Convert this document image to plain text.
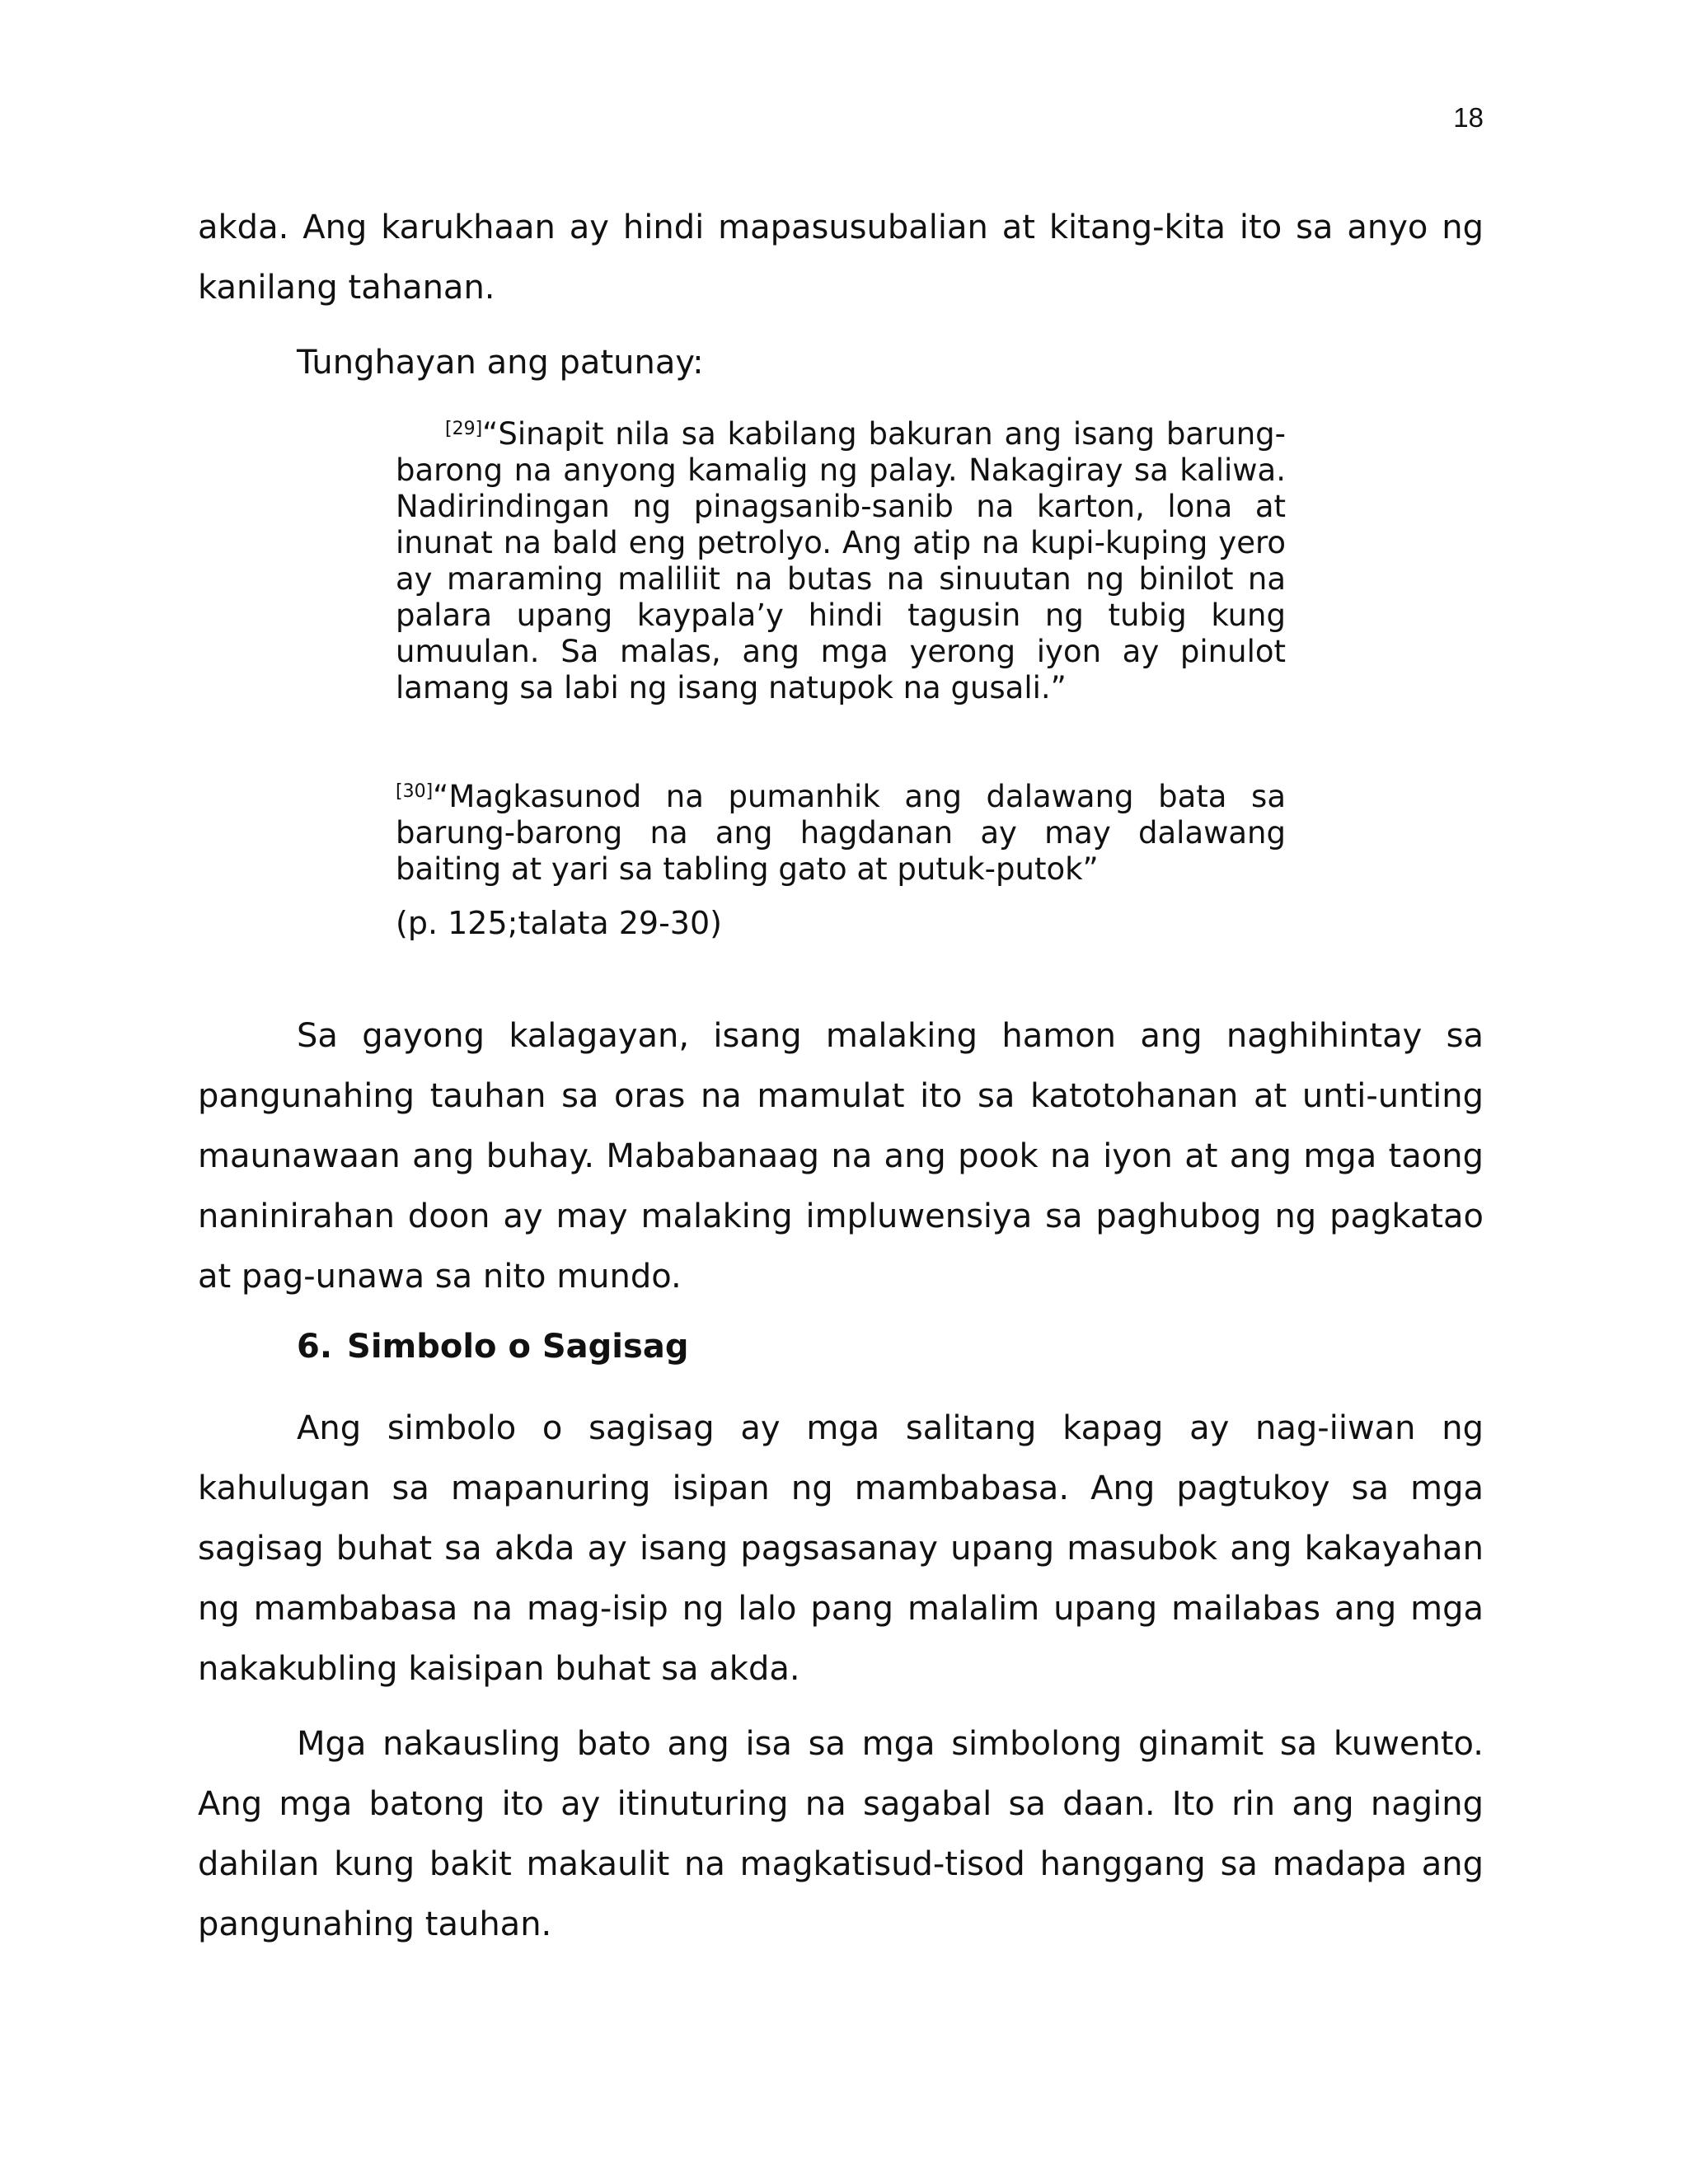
18

akda. Ang karukhaan ay hindi mapasusubalian at kitang-kita ito sa anyo ng kanilang tahanan.

Tunghayan ang patunay:

[29]“Sinapit nila sa kabilang bakuran ang isang barung-barong na anyong kamalig ng palay. Nakagiray sa kaliwa. Nadirindingan ng pinagsanib-sanib na karton, lona at inunat na bald eng petrolyo. Ang atip na kupi-kuping yero ay maraming maliliit na butas na sinuutan ng binilot na palara upang kaypala’y hindi tagusin ng tubig kung umuulan. Sa malas, ang mga yerong iyon ay pinulot lamang sa labi ng isang natupok na gusali.”

[30]“Magkasunod na pumanhik ang dalawang bata sa barung-barong na ang hagdanan ay may dalawang baiting at yari sa tabling gato at putuk-putok”

(p. 125;talata 29-30)

Sa gayong kalagayan, isang malaking hamon ang naghihintay sa pangunahing tauhan sa oras na mamulat ito sa katotohanan at unti-unting maunawaan ang buhay. Mababanaag na ang pook na iyon at ang mga taong naninirahan doon ay may malaking impluwensiya sa paghubog ng pagkatao at pag-unawa sa nito mundo.

6. Simbolo o Sagisag

Ang simbolo o sagisag ay mga salitang kapag ay nag-iiwan ng kahulugan sa mapanuring isipan ng mambabasa. Ang pagtukoy sa mga sagisag buhat sa akda ay isang pagsasanay upang masubok ang kakayahan ng mambabasa na mag-isip ng lalo pang malalim upang mailabas ang mga nakakubling kaisipan buhat sa akda.

Mga nakausling bato ang isa sa mga simbolong ginamit sa kuwento. Ang mga batong ito ay itinuturing na sagabal sa daan. Ito rin ang naging dahilan kung bakit makaulit na magkatisud-tisod hanggang sa madapa ang pangunahing tauhan.
